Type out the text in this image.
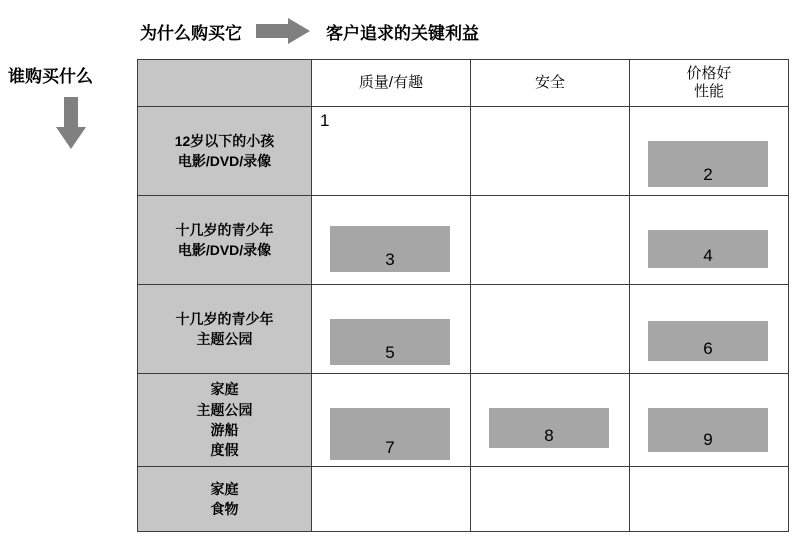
为什么购买它	客户追求的关键利益
谁购买什么

	质量/有趣	安全	价格好
性能

12岁以下的小孩
电影/DVD/录像	1		2

十几岁的青少年
电影/DVD/录像	3		4

十几岁的青少年
主题公园	5		6

家庭
主题公园
游船
度假	7	8	9

家庭
食物			
